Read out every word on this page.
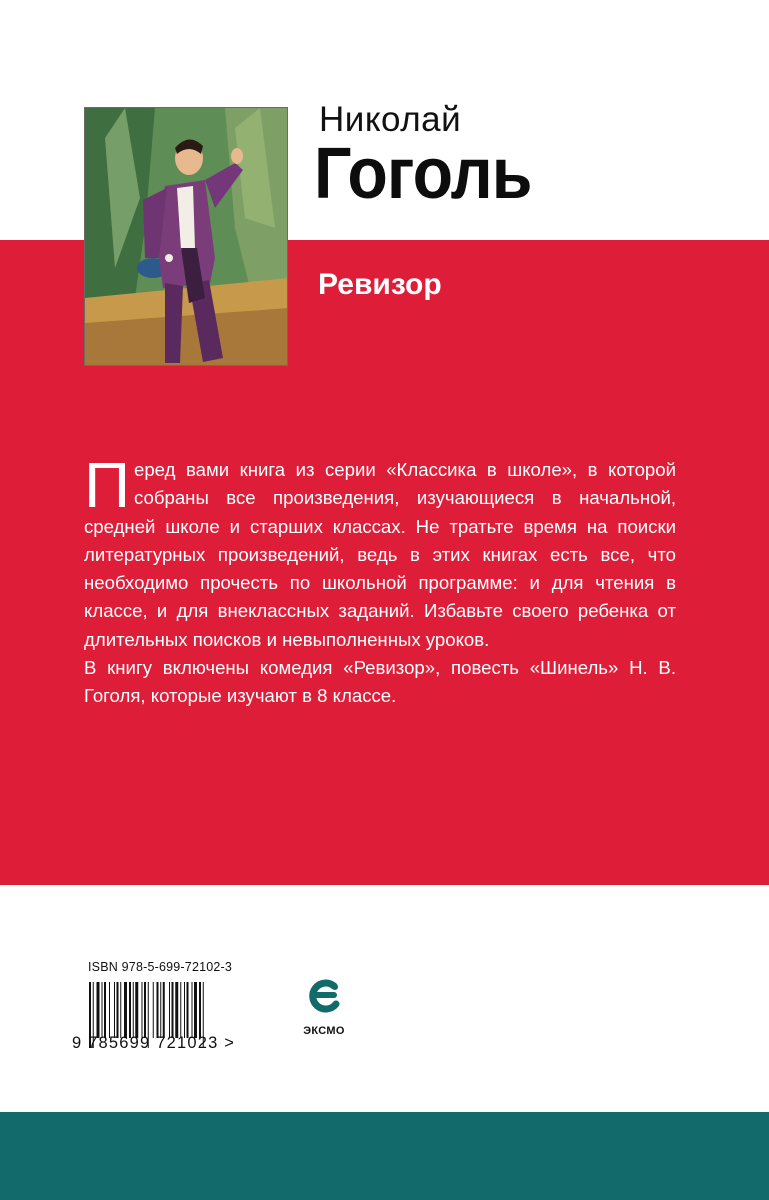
Николай
Гоголь
Ревизор

Перед вами книга из серии «Классика в школе», в которой собраны все произведения, изучающиеся в начальной, средней школе и старших классах. Не тратьте время на поиски литературных произведений, ведь в этих книгах есть все, что необходимо прочесть по школьной программе: и для чтения в классе, и для внеклассных заданий. Избавьте своего ребенка от длительных поисков и невыполненных уроков.

В книгу включены комедия «Ревизор», повесть «Шинель» Н. В. Гоголя, которые изучают в 8 классе.

ISBN 978-5-699-72102-3
9 785699 721023 >
ЭКСМО
